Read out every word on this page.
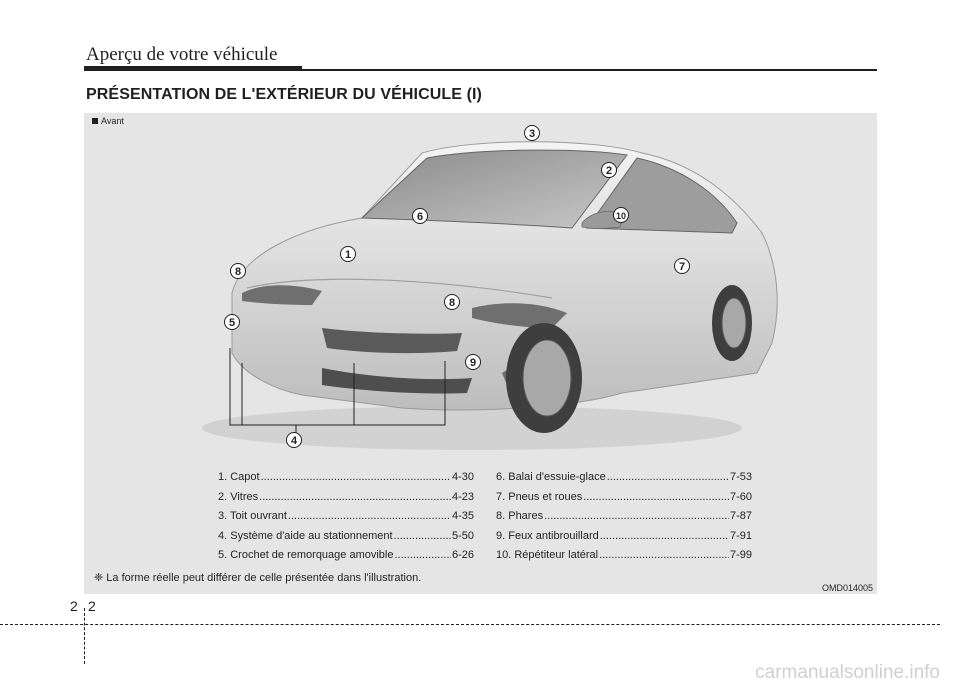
Aperçu de votre véhicule
PRÉSENTATION DE L'EXTÉRIEUR DU VÉHICULE (I)
Avant
1
2
3
4
5
6
7
8
8
9
10
1. Capot .....	4-30
2. Vitres .....	4-23
3. Toit ouvrant .....	4-35
4. Système d'aide au stationnement .....	5-50
5. Crochet de remorquage amovible .....	6-26
6. Balai d'essuie-glace .....	7-53
7. Pneus et roues .....	7-60
8. Phares .....	7-87
9. Feux antibrouillard .....	7-91
10. Répétiteur latéral .....	7-99
❈ La forme réelle peut différer de celle présentée dans l'illustration.
OMD014005
2 2
carmanualsonline.info
